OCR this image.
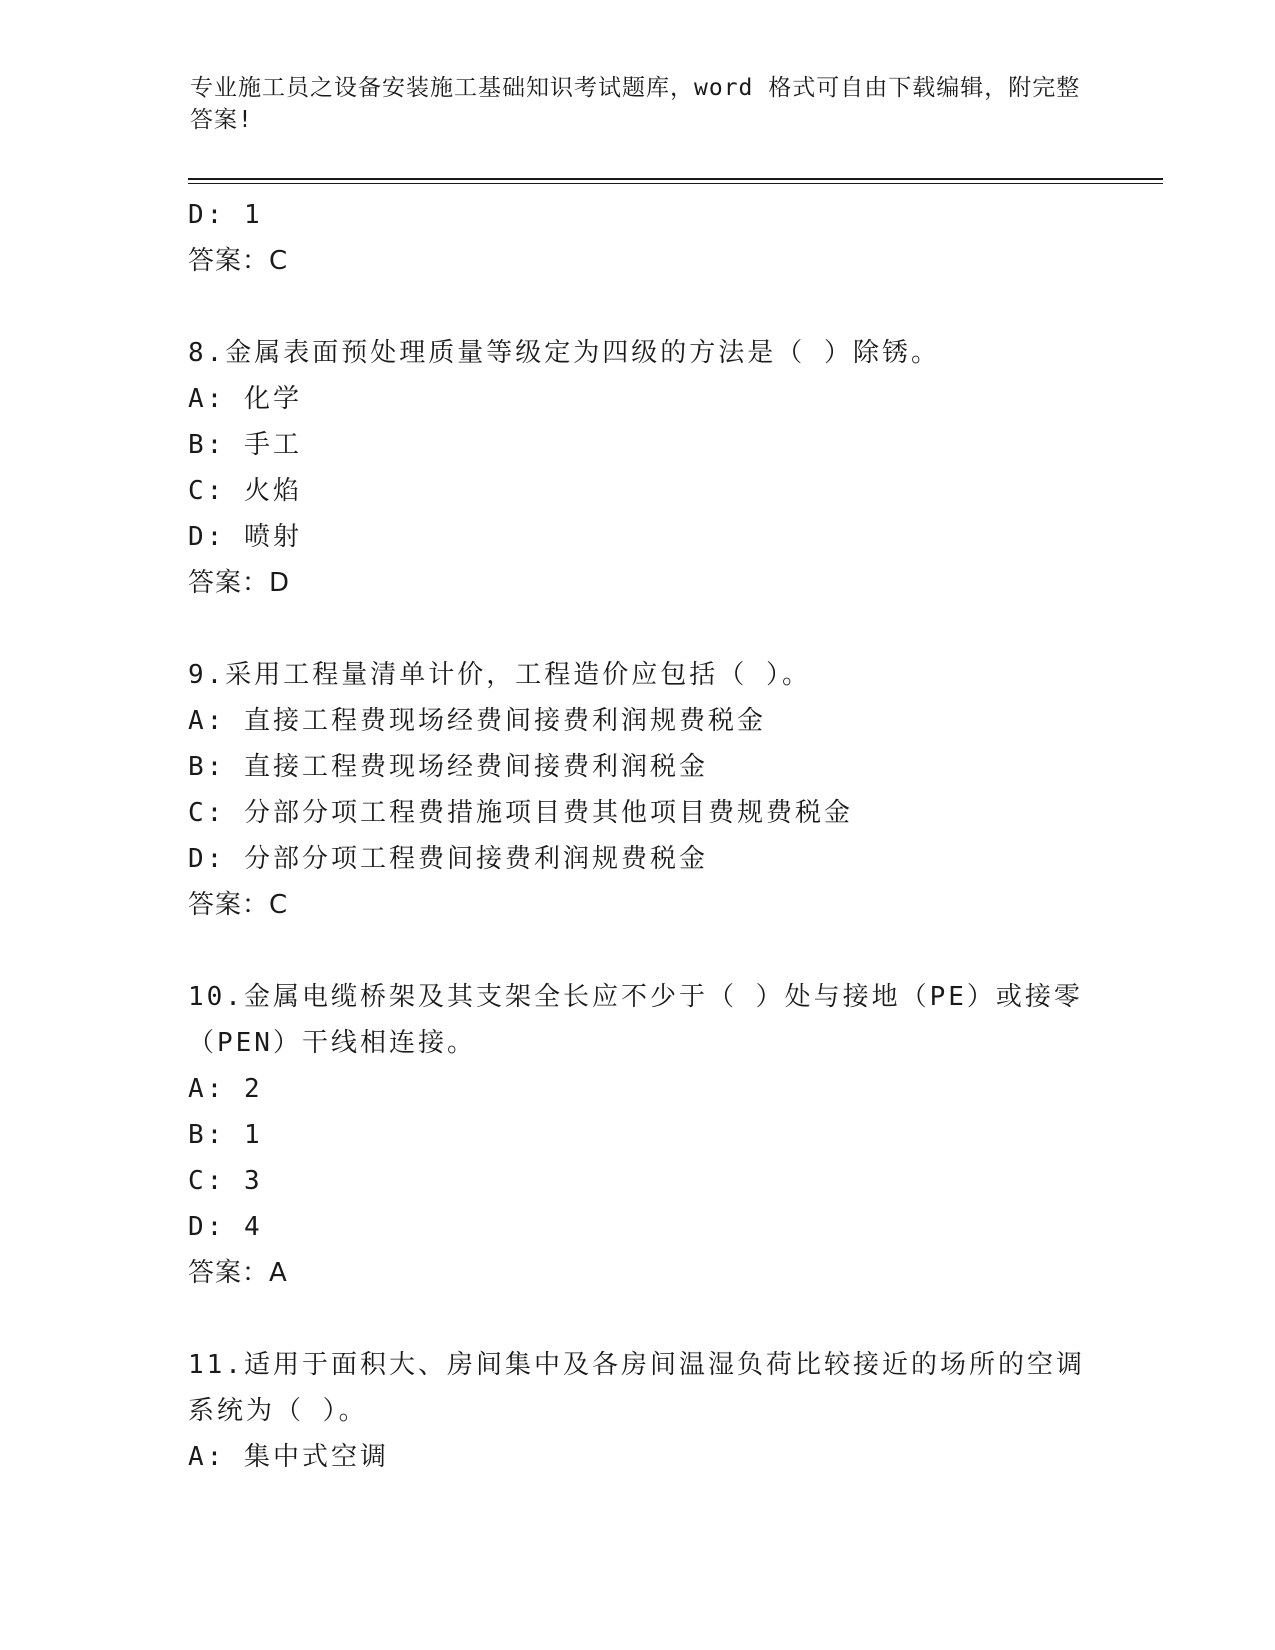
专业施工员之设备安装施工基础知识考试题库，word 格式可自由下载编辑，附完整答案!
D: 1
答案：C
8.金属表面预处理质量等级定为四级的方法是（ ）除锈。
A: 化学
B: 手工
C: 火焰
D: 喷射
答案：D
9.采用工程量清单计价，工程造价应包括（ ）。
A: 直接工程费现场经费间接费利润规费税金
B: 直接工程费现场经费间接费利润税金
C: 分部分项工程费措施项目费其他项目费规费税金
D: 分部分项工程费间接费利润规费税金
答案：C
10.金属电缆桥架及其支架全长应不少于（ ）处与接地（PE）或接零（PEN）干线相连接。
A: 2
B: 1
C: 3
D: 4
答案：A
11.适用于面积大、房间集中及各房间温湿负荷比较接近的场所的空调系统为（ ）。
A: 集中式空调
